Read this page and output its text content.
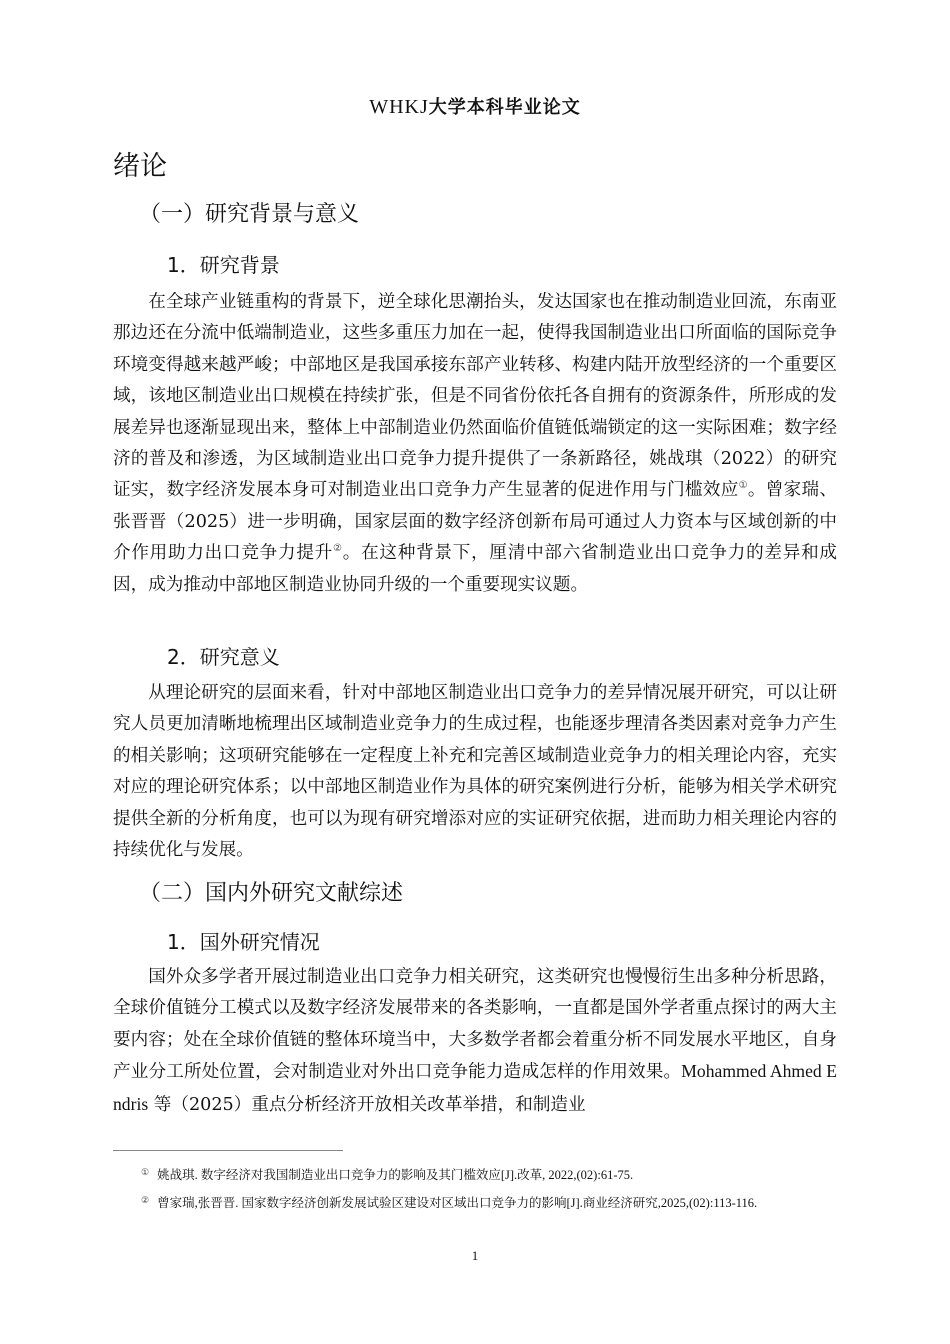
WHKJ大学本科毕业论文
绪论
（一）研究背景与意义
1．研究背景

在全球产业链重构的背景下，逆全球化思潮抬头，发达国家也在推动制造业回流，东南亚那边还在分流中低端制造业，这些多重压力加在一起，使得我国制造业出口所面临的国际竞争环境变得越来越严峻；中部地区是我国承接东部产业转移、构建内陆开放型经济的一个重要区域，该地区制造业出口规模在持续扩张，但是不同省份依托各自拥有的资源条件，所形成的发展差异也逐渐显现出来，整体上中部制造业仍然面临价值链低端锁定的这一实际困难；数字经济的普及和渗透，为区域制造业出口竞争力提升提供了一条新路径，姚战琪（2022）的研究证实，数字经济发展本身可对制造业出口竞争力产生显著的促进作用与门槛效应①。曾家瑞、张晋晋（2025）进一步明确，国家层面的数字经济创新布局可通过人力资本与区域创新的中介作用助力出口竞争力提升②。在这种背景下，厘清中部六省制造业出口竞争力的差异和成因，成为推动中部地区制造业协同升级的一个重要现实议题。

2．研究意义

从理论研究的层面来看，针对中部地区制造业出口竞争力的差异情况展开研究，可以让研究人员更加清晰地梳理出区域制造业竞争力的生成过程，也能逐步理清各类因素对竞争力产生的相关影响；这项研究能够在一定程度上补充和完善区域制造业竞争力的相关理论内容，充实对应的理论研究体系；以中部地区制造业作为具体的研究案例进行分析，能够为相关学术研究提供全新的分析角度，也可以为现有研究增添对应的实证研究依据，进而助力相关理论内容的持续优化与发展。

（二）国内外研究文献综述
1．国外研究情况

国外众多学者开展过制造业出口竞争力相关研究，这类研究也慢慢衍生出多种分析思路，全球价值链分工模式以及数字经济发展带来的各类影响，一直都是国外学者重点探讨的两大主要内容；处在全球价值链的整体环境当中，大多数学者都会着重分析不同发展水平地区，自身产业分工所处位置，会对制造业对外出口竞争能力造成怎样的作用效果。Mohammed Ahmed Endris 等（2025）重点分析经济开放相关改革举措，和制造业

① 姚战琪. 数字经济对我国制造业出口竞争力的影响及其门槛效应[J].改革, 2022,(02):61-75.

② 曾家瑞,张晋晋. 国家数字经济创新发展试验区建设对区域出口竞争力的影响[J].商业经济研究,2025,(02):113-116.

1
